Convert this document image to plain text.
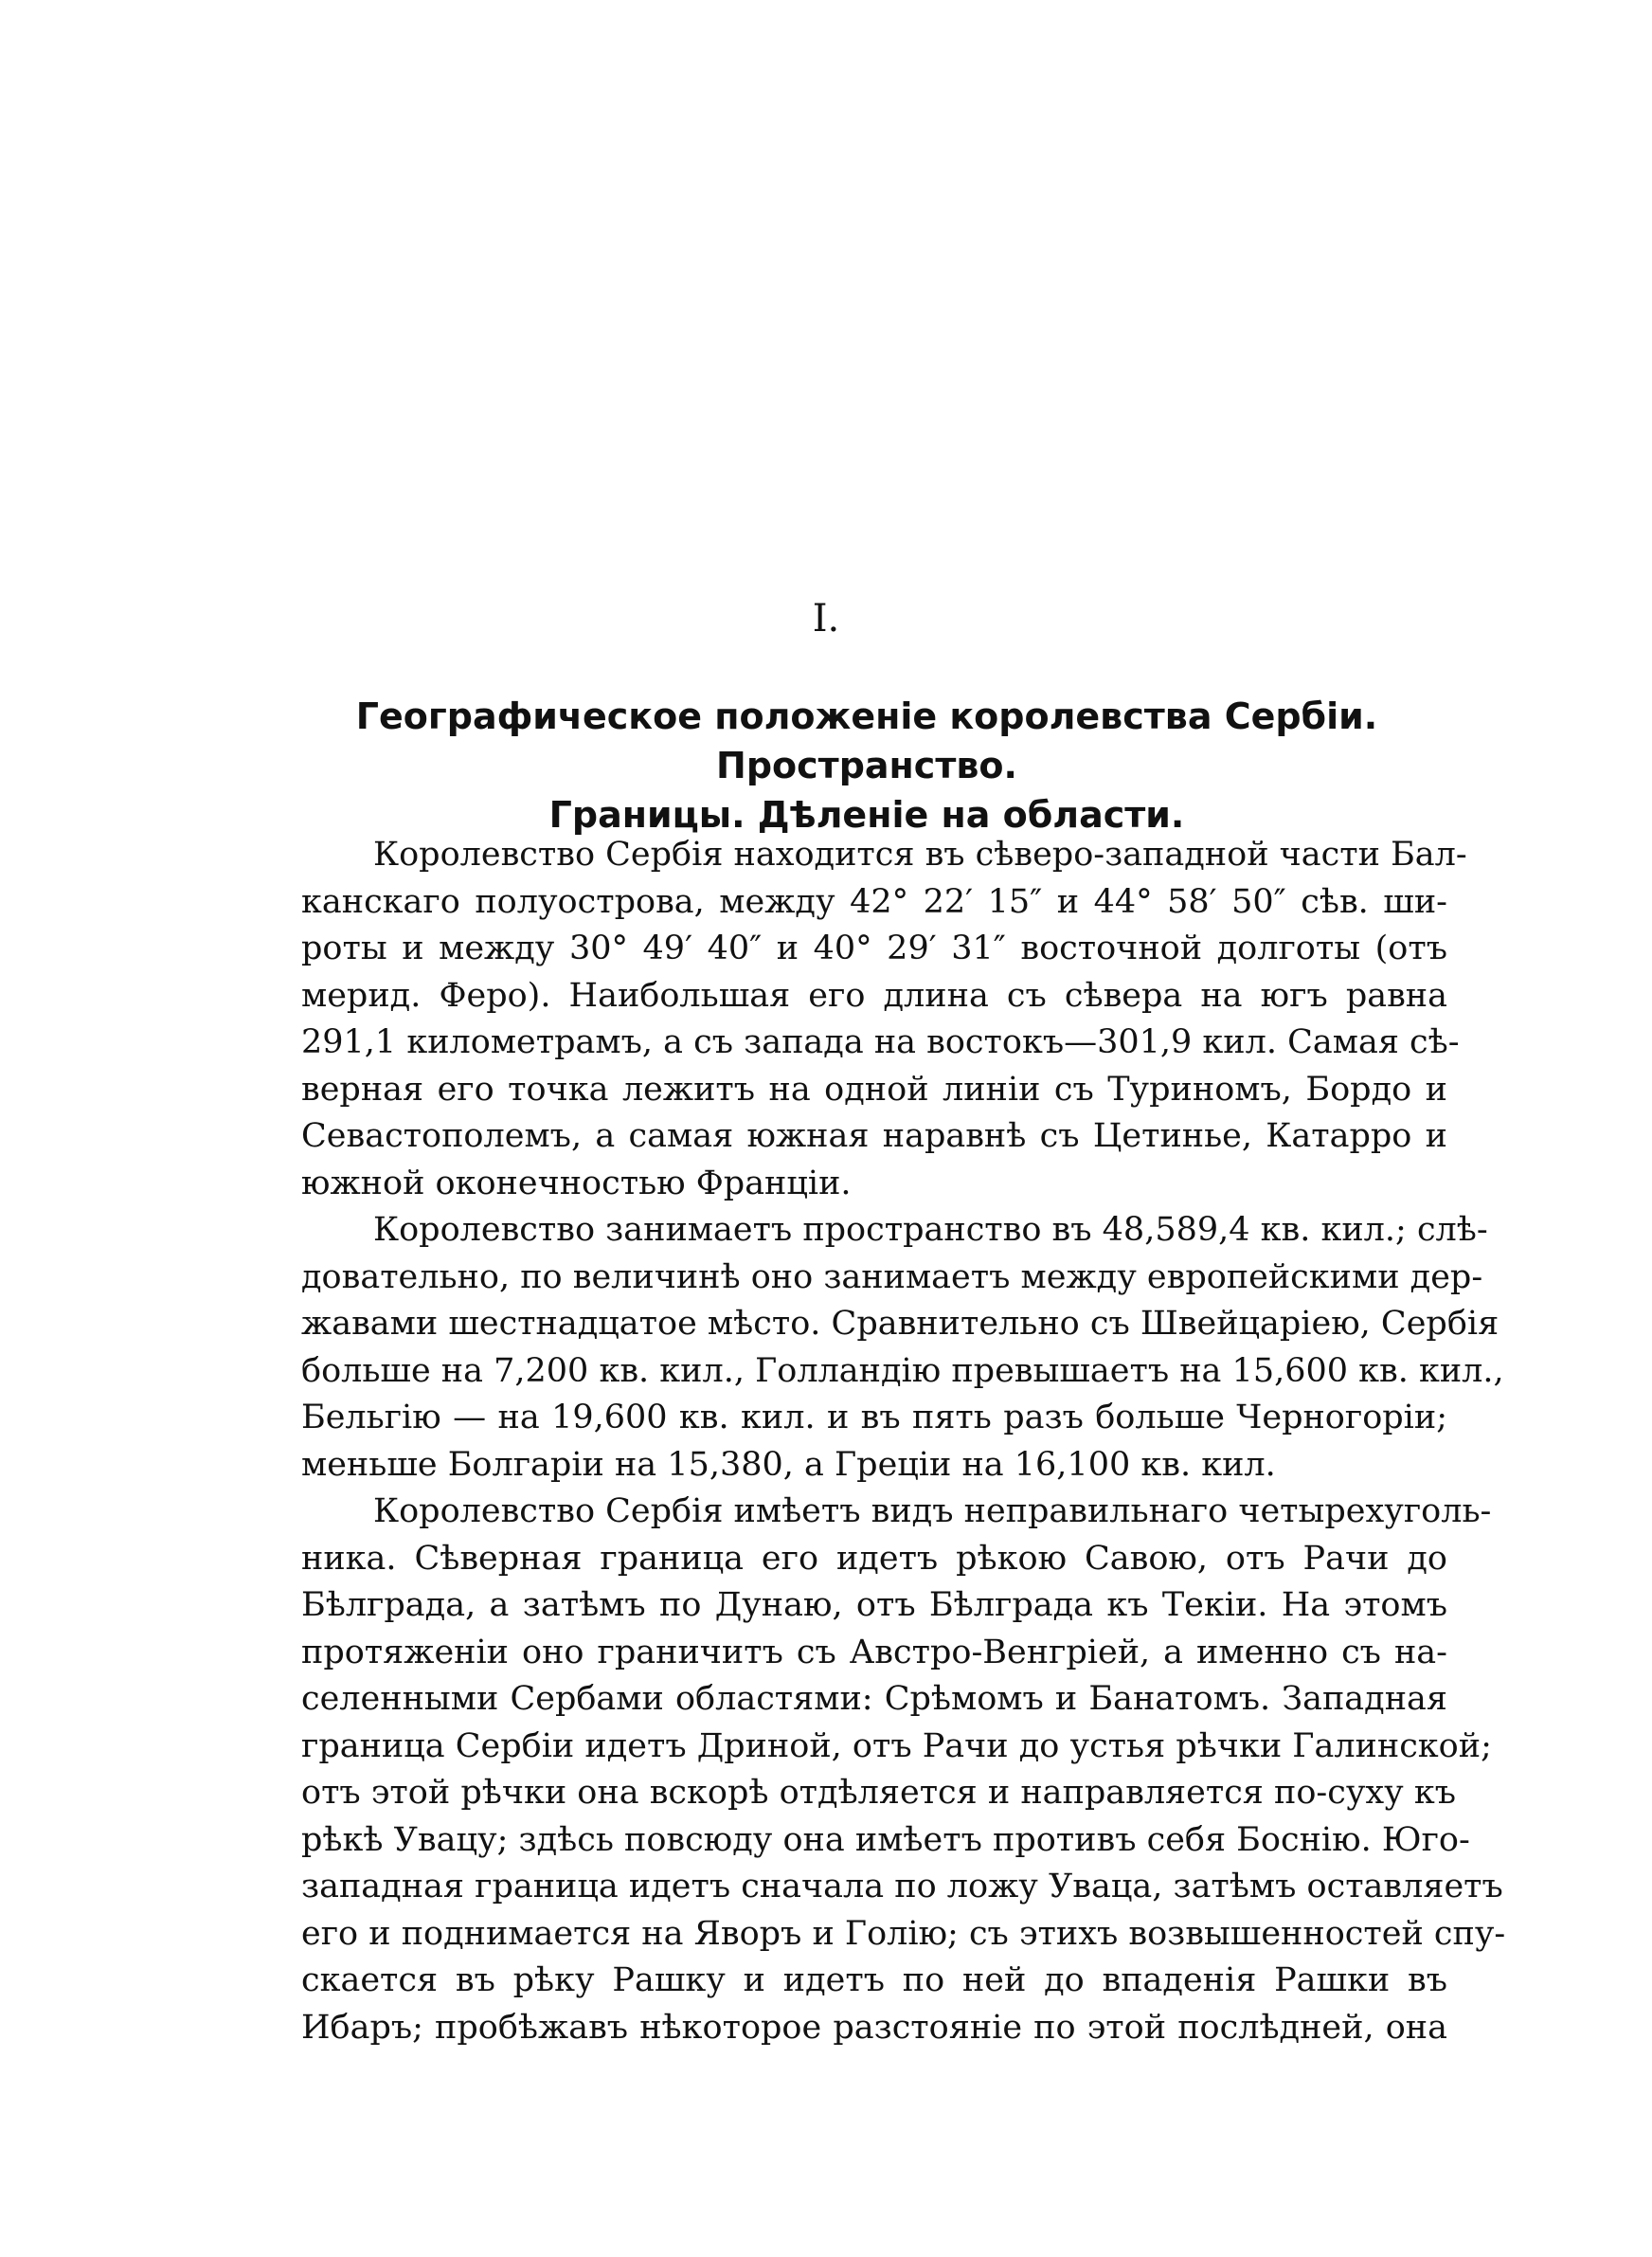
I.
Географическое положеніе королевства Сербіи. Пространство.
Границы. Дѣленіе на области.
Королевство Сербія находится въ сѣверо-западной части Бал-
канскаго полуострова, между 42° 22′ 15″ и 44° 58′ 50″ сѣв. ши-
роты и между 30° 49′ 40″ и 40° 29′ 31″ восточной долготы (отъ
мерид. Феро). Наибольшая его длина съ сѣвера на югъ равна
291,1 километрамъ, а съ запада на востокъ—301,9 кил. Самая сѣ-
верная его точка лежитъ на одной линіи съ Туриномъ, Бордо и
Севастополемъ, а самая южная наравнѣ съ Цетинье, Катарро и
южной оконечностью Франціи.
Королевство занимаетъ пространство въ 48,589,4 кв. кил.; слѣ-
довательно, по величинѣ оно занимаетъ между европейскими дер-
жавами шестнадцатое мѣсто. Сравнительно съ Швейцаріею, Сербія
больше на 7,200 кв. кил., Голландію превышаетъ на 15,600 кв. кил.,
Бельгію — на 19,600 кв. кил. и въ пять разъ больше Черногоріи;
меньше Болгаріи на 15,380, а Греціи на 16,100 кв. кил.
Королевство Сербія имѣетъ видъ неправильнаго четырехуголь-
ника. Сѣверная граница его идетъ рѣкою Савою, отъ Рачи до
Бѣлграда, а затѣмъ по Дунаю, отъ Бѣлграда къ Текіи. На этомъ
протяженіи оно граничитъ съ Австро-Венгріей, а именно съ на-
селенными Сербами областями: Срѣмомъ и Банатомъ. Западная
граница Сербіи идетъ Дриной, отъ Рачи до устья рѣчки Галинской;
отъ этой рѣчки она вскорѣ отдѣляется и направляется по-суху къ
рѣкѣ Увацу; здѣсь повсюду она имѣетъ противъ себя Боснію. Юго-
западная граница идетъ сначала по ложу Увaца, затѣмъ оставляетъ
его и поднимается на Яворъ и Голію; съ этихъ возвышенностей спу-
скается въ рѣку Рашку и идетъ по ней до впаденія Рашки въ
Ибаръ; пробѣжавъ нѣкоторое разстояніе по этой послѣдней, она
